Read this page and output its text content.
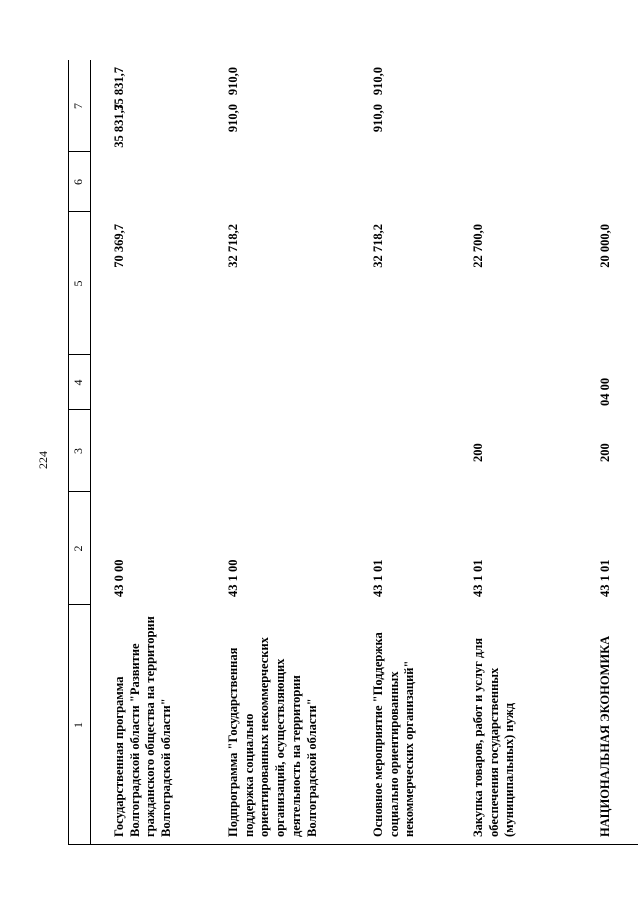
224
1
2
3
4
5
6
7
Государственная программа Волгоградской области "Развитие гражданского общества на территории Волгоградской области"
43 0 00
70 369,7
35 831,7
35 831,7
Подпрограмма "Государственная поддержка социально ориентированных некоммерческих организаций, осуществляющих деятельность на территории Волгоградской области"
43 1 00
32 718,2
910,0
910,0
Основное мероприятие "Поддержка социально ориентированных некоммерческих организаций"
43 1 01
32 718,2
910,0
910,0
Закупка товаров, работ и услуг для обеспечения государственных (муниципальных) нужд
43 1 01
200
22 700,0
НАЦИОНАЛЬНАЯ ЭКОНОМИКА
43 1 01
200
04 00
20 000,0
